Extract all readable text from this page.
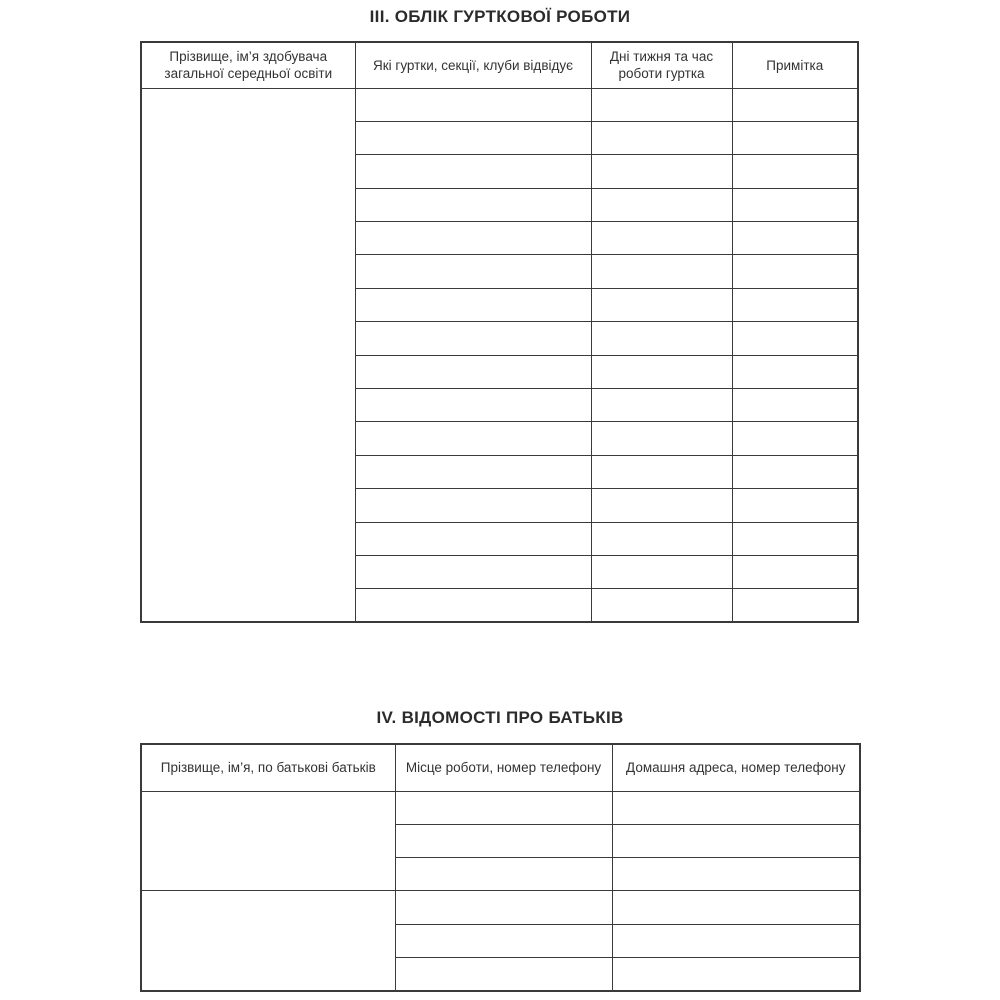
III. ОБЛІК ГУРТКОВОЇ РОБОТИ
Прізвище, ім’я здобувача загальної середньої освіти	Які гуртки, секції, клуби відвідує	Дні тижня та час роботи гуртка	Примітка

IV. ВІДОМОСТІ ПРО БАТЬКІВ
Прізвище, ім’я, по батькові батьків	Місце роботи, номер телефону	Домашня адреса, номер телефону
